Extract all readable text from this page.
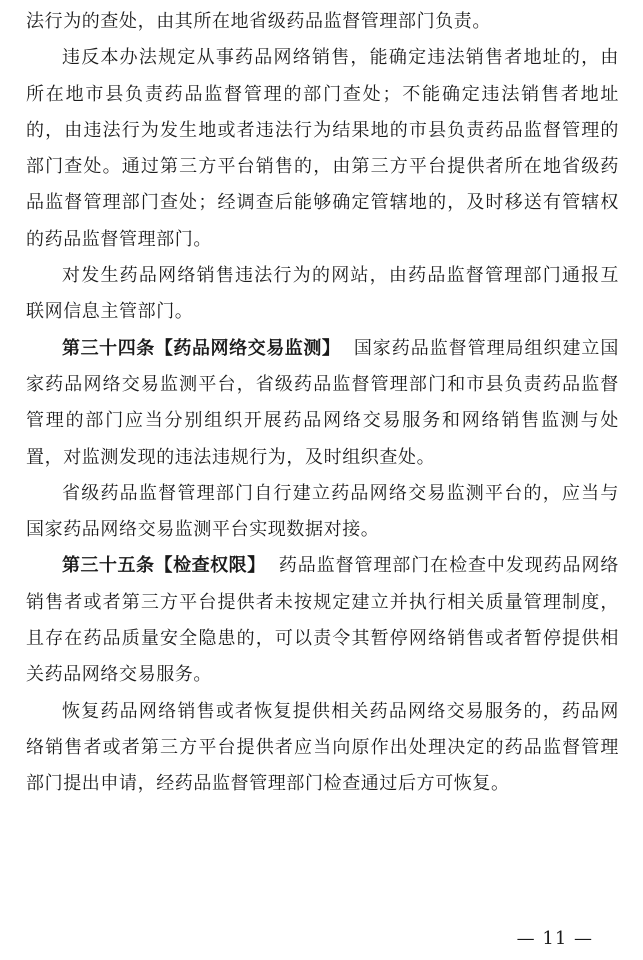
法行为的查处，由其所在地省级药品监督管理部门负责。

违反本办法规定从事药品网络销售，能确定违法销售者地址的，由所在地市县负责药品监督管理的部门查处；不能确定违法销售者地址的，由违法行为发生地或者违法行为结果地的市县负责药品监督管理的部门查处。通过第三方平台销售的，由第三方平台提供者所在地省级药品监督管理部门查处；经调查后能够确定管辖地的，及时移送有管辖权的药品监督管理部门。

对发生药品网络销售违法行为的网站，由药品监督管理部门通报互联网信息主管部门。

第三十四条【药品网络交易监测】 国家药品监督管理局组织建立国家药品网络交易监测平台，省级药品监督管理部门和市县负责药品监督管理的部门应当分别组织开展药品网络交易服务和网络销售监测与处置，对监测发现的违法违规行为，及时组织查处。

省级药品监督管理部门自行建立药品网络交易监测平台的，应当与国家药品网络交易监测平台实现数据对接。

第三十五条【检查权限】 药品监督管理部门在检查中发现药品网络销售者或者第三方平台提供者未按规定建立并执行相关质量管理制度，且存在药品质量安全隐患的，可以责令其暂停网络销售或者暂停提供相关药品网络交易服务。

恢复药品网络销售或者恢复提供相关药品网络交易服务的，药品网络销售者或者第三方平台提供者应当向原作出处理决定的药品监督管理部门提出申请，经药品监督管理部门检查通过后方可恢复。

— 11 —
